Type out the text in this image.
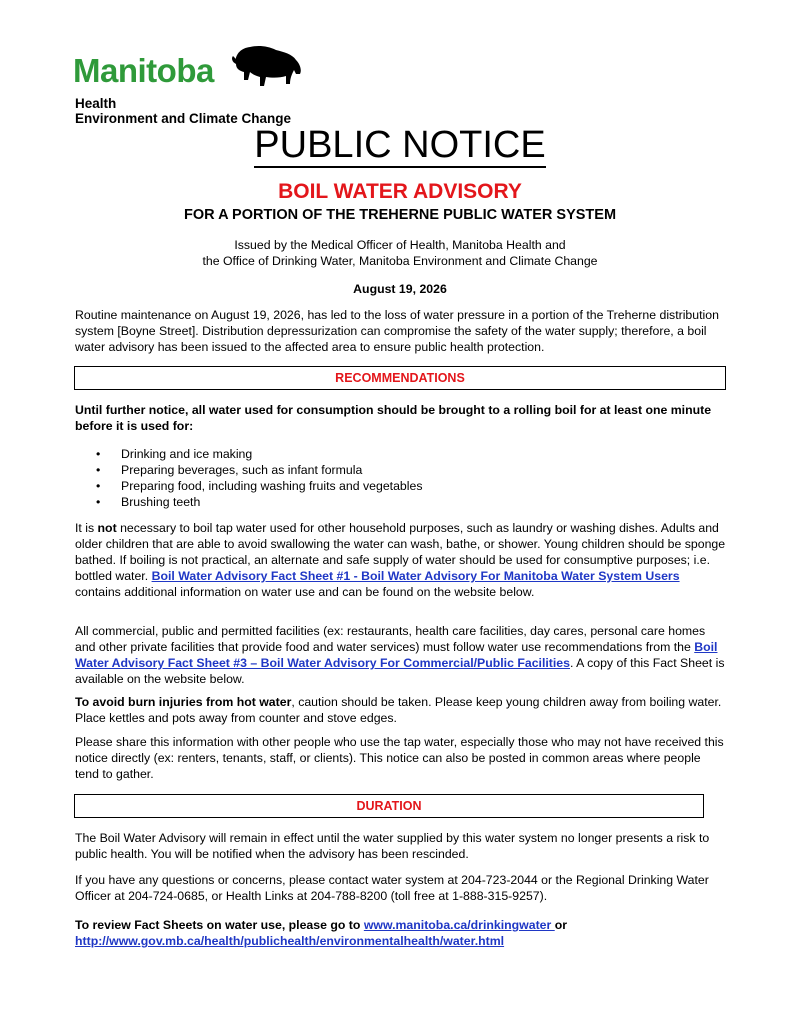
Manitoba
Health
Environment and Climate Change
PUBLIC NOTICE
BOIL WATER ADVISORY
FOR A PORTION OF THE TREHERNE PUBLIC WATER SYSTEM
Issued by the Medical Officer of Health, Manitoba Health and
the Office of Drinking Water, Manitoba Environment and Climate Change
August 19, 2026
Routine maintenance on August 19, 2026, has led to the loss of water pressure in a portion of the Treherne distribution system [Boyne Street]. Distribution depressurization can compromise the safety of the water supply; therefore, a boil water advisory has been issued to the affected area to ensure public health protection.
RECOMMENDATIONS
Until further notice, all water used for consumption should be brought to a rolling boil for at least one minute before it is used for:
• Drinking and ice making
• Preparing beverages, such as infant formula
• Preparing food, including washing fruits and vegetables
• Brushing teeth
It is not necessary to boil tap water used for other household purposes, such as laundry or washing dishes. Adults and older children that are able to avoid swallowing the water can wash, bathe, or shower. Young children should be sponge bathed. If boiling is not practical, an alternate and safe supply of water should be used for consumptive purposes; i.e. bottled water. Boil Water Advisory Fact Sheet #1 - Boil Water Advisory For Manitoba Water System Users contains additional information on water use and can be found on the website below.
All commercial, public and permitted facilities (ex: restaurants, health care facilities, day cares, personal care homes and other private facilities that provide food and water services) must follow water use recommendations from the Boil Water Advisory Fact Sheet #3 – Boil Water Advisory For Commercial/Public Facilities. A copy of this Fact Sheet is available on the website below.
To avoid burn injuries from hot water, caution should be taken. Please keep young children away from boiling water. Place kettles and pots away from counter and stove edges.
Please share this information with other people who use the tap water, especially those who may not have received this notice directly (ex: renters, tenants, staff, or clients). This notice can also be posted in common areas where people tend to gather.
DURATION
The Boil Water Advisory will remain in effect until the water supplied by this water system no longer presents a risk to public health. You will be notified when the advisory has been rescinded.
If you have any questions or concerns, please contact water system at 204-723-2044 or the Regional Drinking Water Officer at 204-724-0685, or Health Links at 204-788-8200 (toll free at 1-888-315-9257).
To review Fact Sheets on water use, please go to www.manitoba.ca/drinkingwater or
http://www.gov.mb.ca/health/publichealth/environmentalhealth/water.html
